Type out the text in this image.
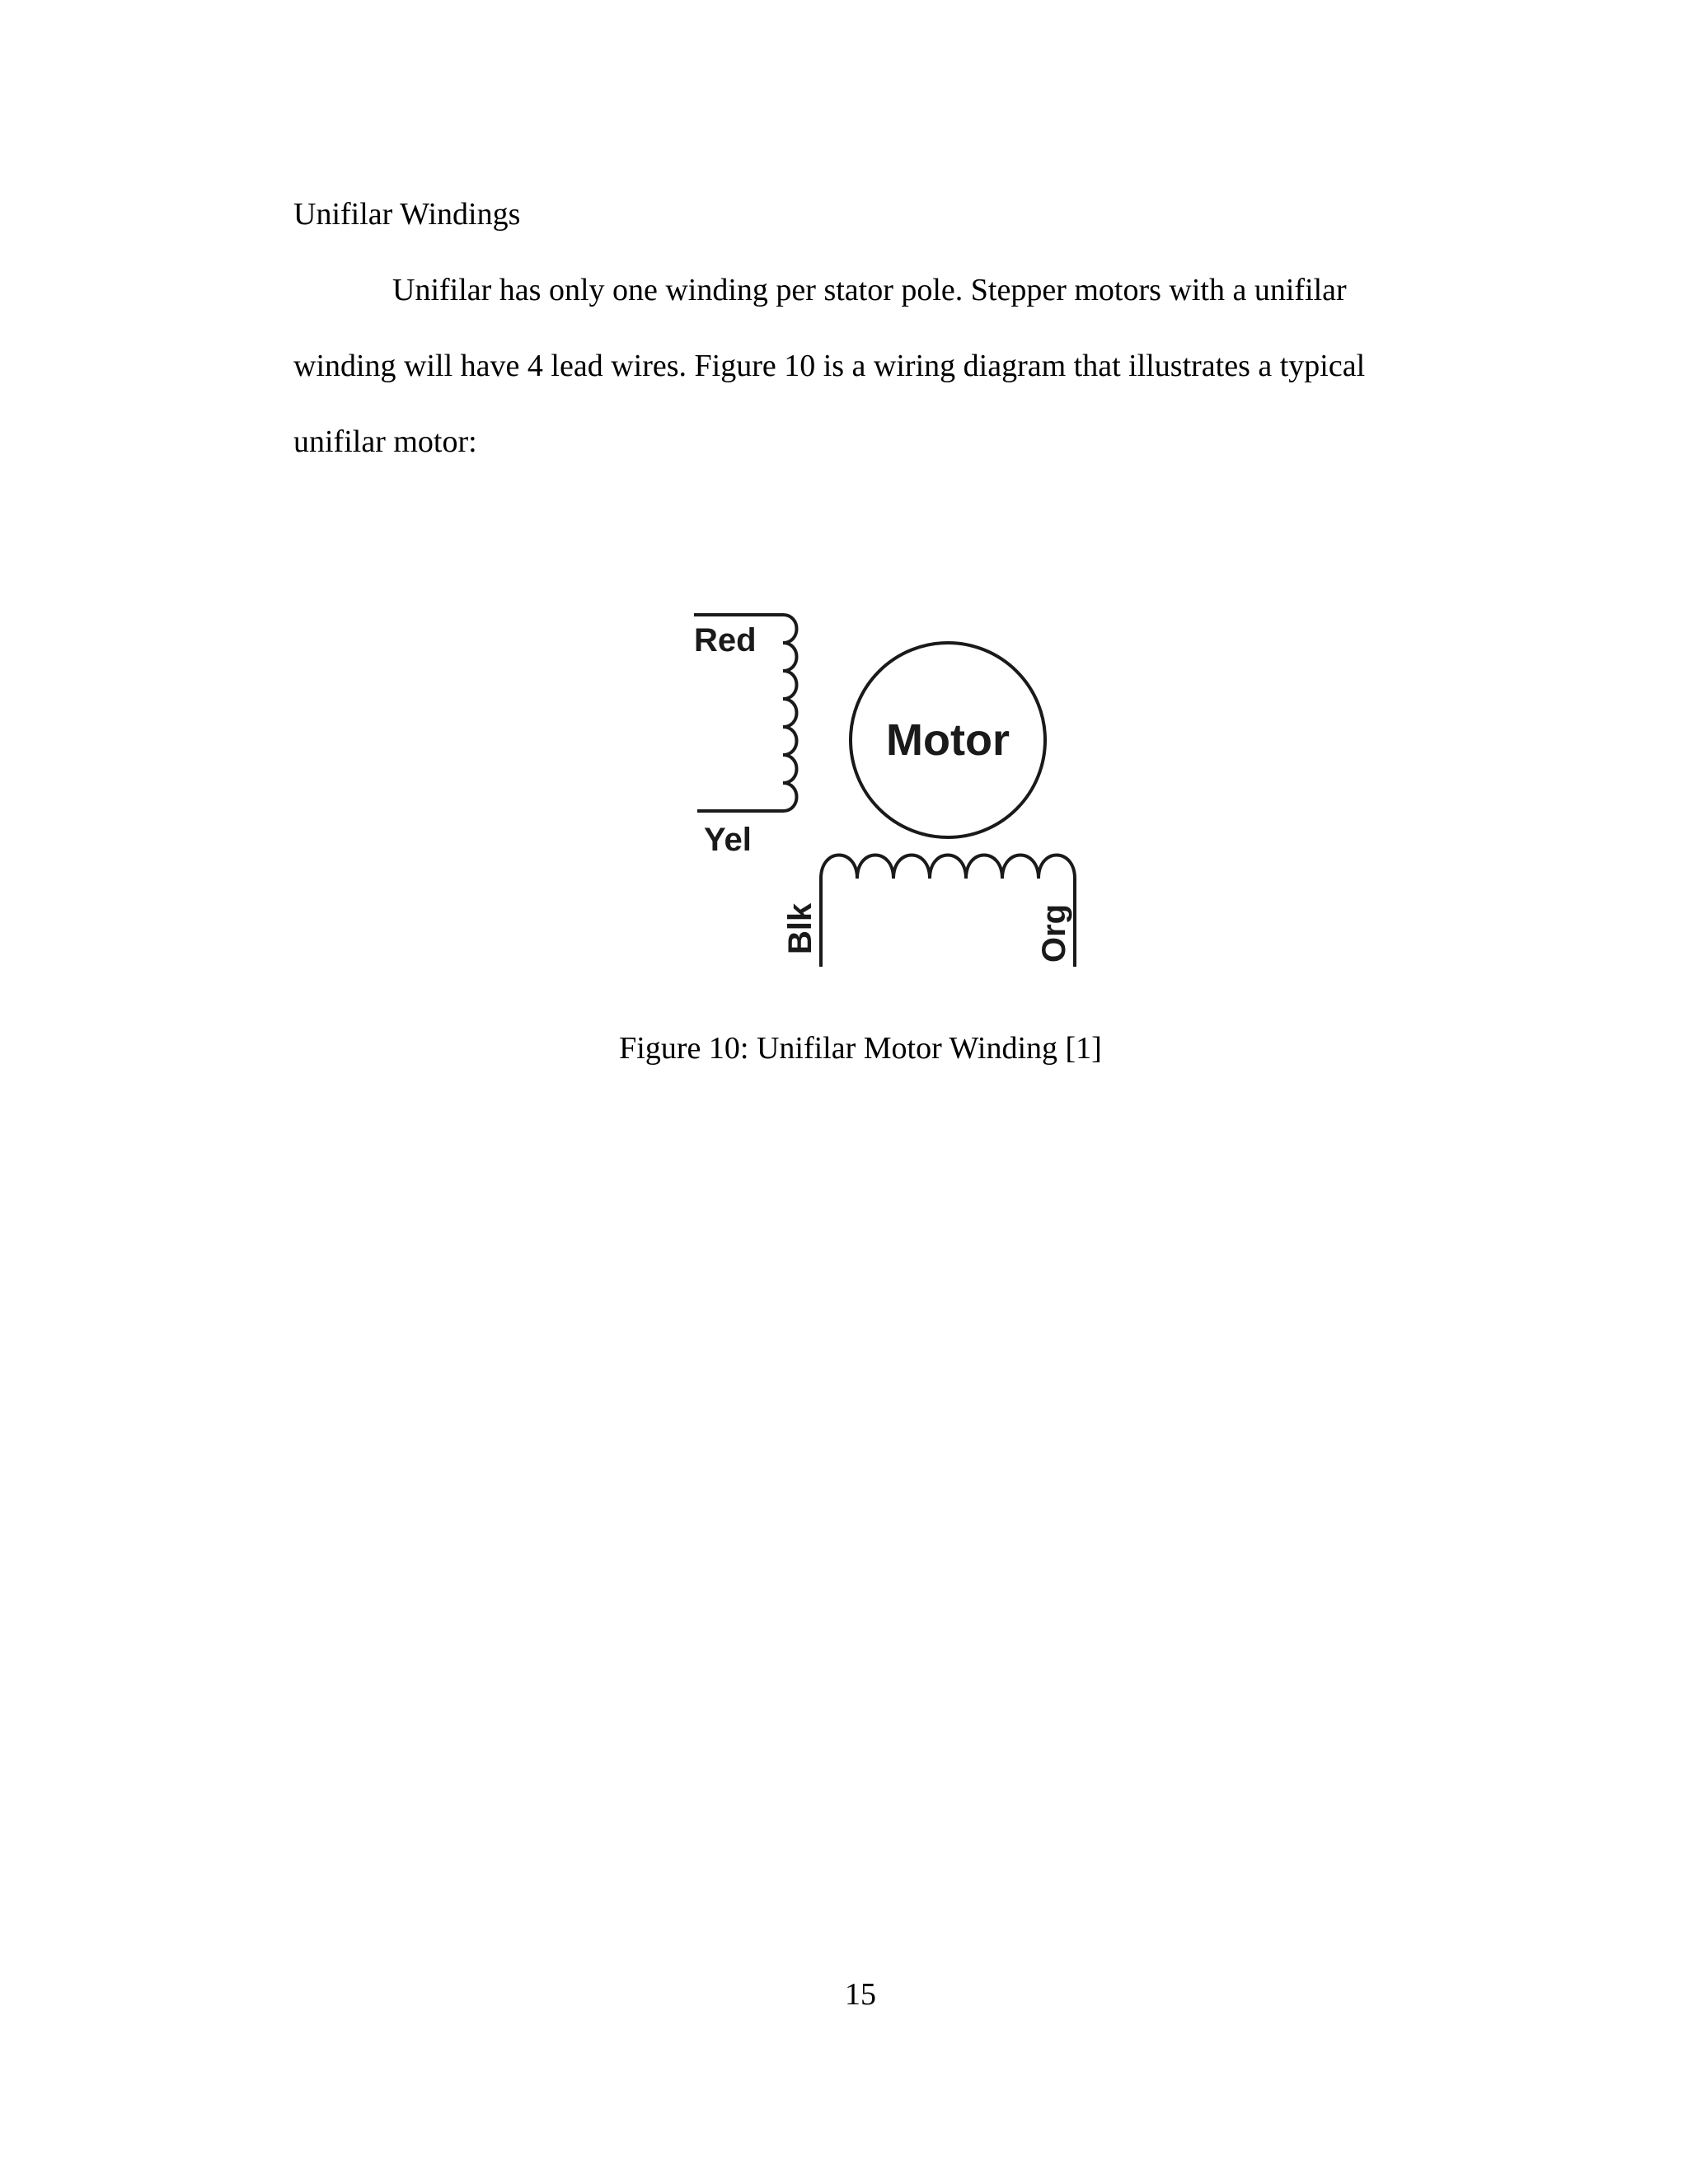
Unifilar Windings
Unifilar has only one winding per stator pole. Stepper motors with a unifilar
winding will have 4 lead wires. Figure 10 is a wiring diagram that illustrates a typical
unifilar motor:
Motor
Red
Yel
Blk	Org
Figure 10: Unifilar Motor Winding [1]
15
